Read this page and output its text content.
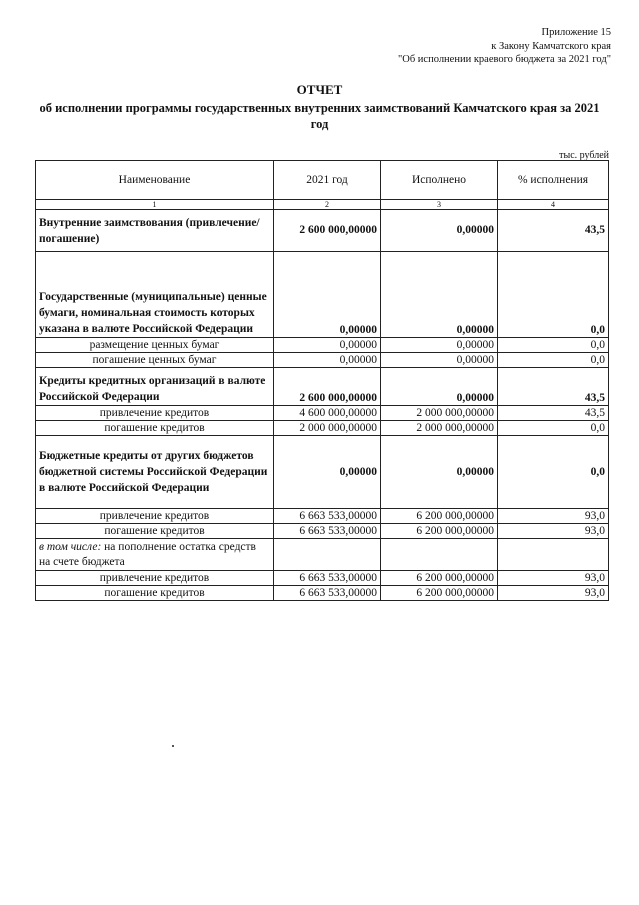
Приложение 15
к Закону Камчатского края
"Об исполнении краевого бюджета за 2021 год"
ОТЧЕТ
об исполнении программы государственных внутренних заимствований Камчатского края за 2021 год
тыс. рублей
Наименование	2021 год	Исполнено	% исполнения
1	2	3	4
Внутренние заимствования (привлечение/погашение)	2 600 000,00000	0,00000	43,5
Государственные (муниципальные) ценные бумаги, номинальная стоимость которых указана в валюте Российской Федерации	0,00000	0,00000	0,0
размещение ценных бумаг	0,00000	0,00000	0,0
погашение ценных бумаг	0,00000	0,00000	0,0
Кредиты кредитных организаций в валюте Российской Федерации	2 600 000,00000	0,00000	43,5
привлечение кредитов	4 600 000,00000	2 000 000,00000	43,5
погашение кредитов	2 000 000,00000	2 000 000,00000	0,0
Бюджетные кредиты от других бюджетов бюджетной системы Российской Федерации в валюте Российской Федерации	0,00000	0,00000	0,0
привлечение кредитов	6 663 533,00000	6 200 000,00000	93,0
погашение кредитов	6 663 533,00000	6 200 000,00000	93,0
в том числе: на пополнение остатка средств на счете бюджета			
привлечение кредитов	6 663 533,00000	6 200 000,00000	93,0
погашение кредитов	6 663 533,00000	6 200 000,00000	93,0
